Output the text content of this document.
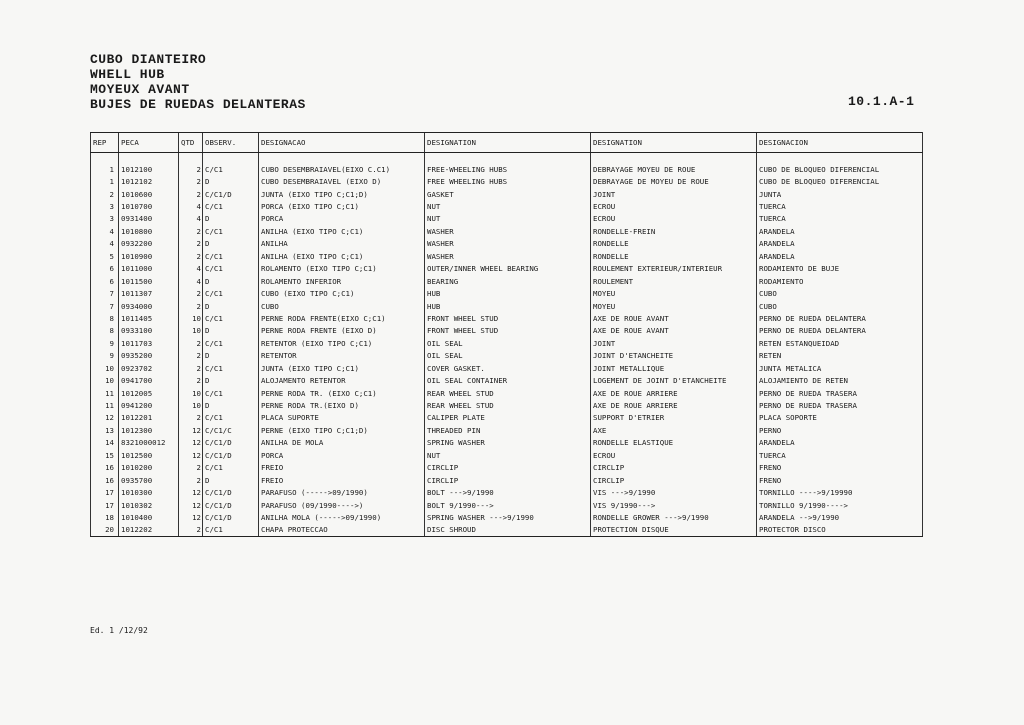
CUBO DIANTEIRO
WHELL HUB
MOYEUX AVANT
BUJES DE RUEDAS DELANTERAS	10.1.A-1
REP	PECA	QTD	OBSERV.	DESIGNACAO	DESIGNATION	DESIGNATION	DESIGNACION

1	1012100	2	C/C1	CUBO DESEMBRAIAVEL(EIXO C.C1)	FREE-WHEELING HUBS	DEBRAYAGE MOYEU DE ROUE	CUBO DE BLOQUEO DIFERENCIAL
1	1012102	2	D	CUBO DESEMBRAIAVEL (EIXO D)	FREE WHEELING HUBS	DEBRAYAGE DE MOYEU DE ROUE	CUBO DE BLOQUEO DIFERENCIAL
2	1010600	2	C/C1/D	JUNTA (EIXO TIPO C;C1;D)	GASKET	JOINT	JUNTA
3	1010700	4	C/C1	PORCA (EIXO TIPO C;C1)	NUT	ECROU	TUERCA
3	0931400	4	D	PORCA	NUT	ECROU	TUERCA
4	1010800	2	C/C1	ANILHA (EIXO TIPO C;C1)	WASHER	RONDELLE-FREIN	ARANDELA
4	0932200	2	D	ANILHA	WASHER	RONDELLE	ARANDELA
5	1010900	2	C/C1	ANILHA (EIXO TIPO C;C1)	WASHER	RONDELLE	ARANDELA
6	1011000	4	C/C1	ROLAMENTO (EIXO TIPO C;C1)	OUTER/INNER WHEEL BEARING	ROULEMENT EXTERIEUR/INTERIEUR	RODAMIENTO DE BUJE
6	1011500	4	D	ROLAMENTO INFERIOR	BEARING	ROULEMENT	RODAMIENTO
7	1011307	2	C/C1	CUBO (EIXO TIPO C;C1)	HUB	MOYEU	CUBO
7	0934000	2	D	CUBO	HUB	MOYEU	CUBO
8	1011405	10	C/C1	PERNE RODA FRENTE(EIXO C;C1)	FRONT WHEEL STUD	AXE DE ROUE AVANT	PERNO DE RUEDA DELANTERA
8	0933100	10	D	PERNE RODA FRENTE (EIXO D)	FRONT WHEEL STUD	AXE DE ROUE AVANT	PERNO DE RUEDA DELANTERA
9	1011703	2	C/C1	RETENTOR (EIXO TIPO C;C1)	OIL SEAL	JOINT	RETEN ESTANQUEIDAD
9	0935200	2	D	RETENTOR	OIL SEAL	JOINT D'ETANCHEITE	RETEN
10	0923702	2	C/C1	JUNTA (EIXO TIPO C;C1)	COVER GASKET.	JOINT METALLIQUE	JUNTA METALICA
10	0941700	2	D	ALOJAMENTO RETENTOR	OIL SEAL CONTAINER	LOGEMENT DE JOINT D'ETANCHEITE	ALOJAMIENTO DE RETEN
11	1012005	10	C/C1	PERNE RODA TR. (EIXO C;C1)	REAR WHEEL STUD	AXE DE ROUE ARRIERE	PERNO DE RUEDA TRASERA
11	0941200	10	D	PERNE RODA TR.(EIXO D)	REAR WHEEL STUD	AXE DE ROUE ARRIERE	PERNO DE RUEDA TRASERA
12	1012201	2	C/C1	PLACA SUPORTE	CALIPER PLATE	SUPPORT D'ETRIER	PLACA SOPORTE
13	1012300	12	C/C1/C	PERNE (EIXO TIPO C;C1;D)	THREADED PIN	AXE	PERNO
14	8321000012	12	C/C1/D	ANILHA DE MOLA	SPRING WASHER	RONDELLE ELASTIQUE	ARANDELA
15	1012500	12	C/C1/D	PORCA	NUT	ECROU	TUERCA
16	1010200	2	C/C1	FREIO	CIRCLIP	CIRCLIP	FRENO
16	0935700	2	D	FREIO	CIRCLIP	CIRCLIP	FRENO
17	1010300	12	C/C1/D	PARAFUSO (----->09/1990)	BOLT --->9/1990	VIS --->9/1990	TORNILLO ---->9/19990
17	1010302	12	C/C1/D	PARAFUSO (09/1990---->)	BOLT 9/1990--->	VIS 9/1990--->	TORNILLO 9/1990---->
18	1010400	12	C/C1/D	ANILHA MOLA (----->09/1990)	SPRING WASHER --->9/1990	RONDELLE GROWER --->9/1990	ARANDELA -->9/1990
20	1012202	2	C/C1	CHAPA PROTECCAO	DISC SHROUD	PROTECTION DISQUE	PROTECTOR DISCO
Ed. 1 /12/92
